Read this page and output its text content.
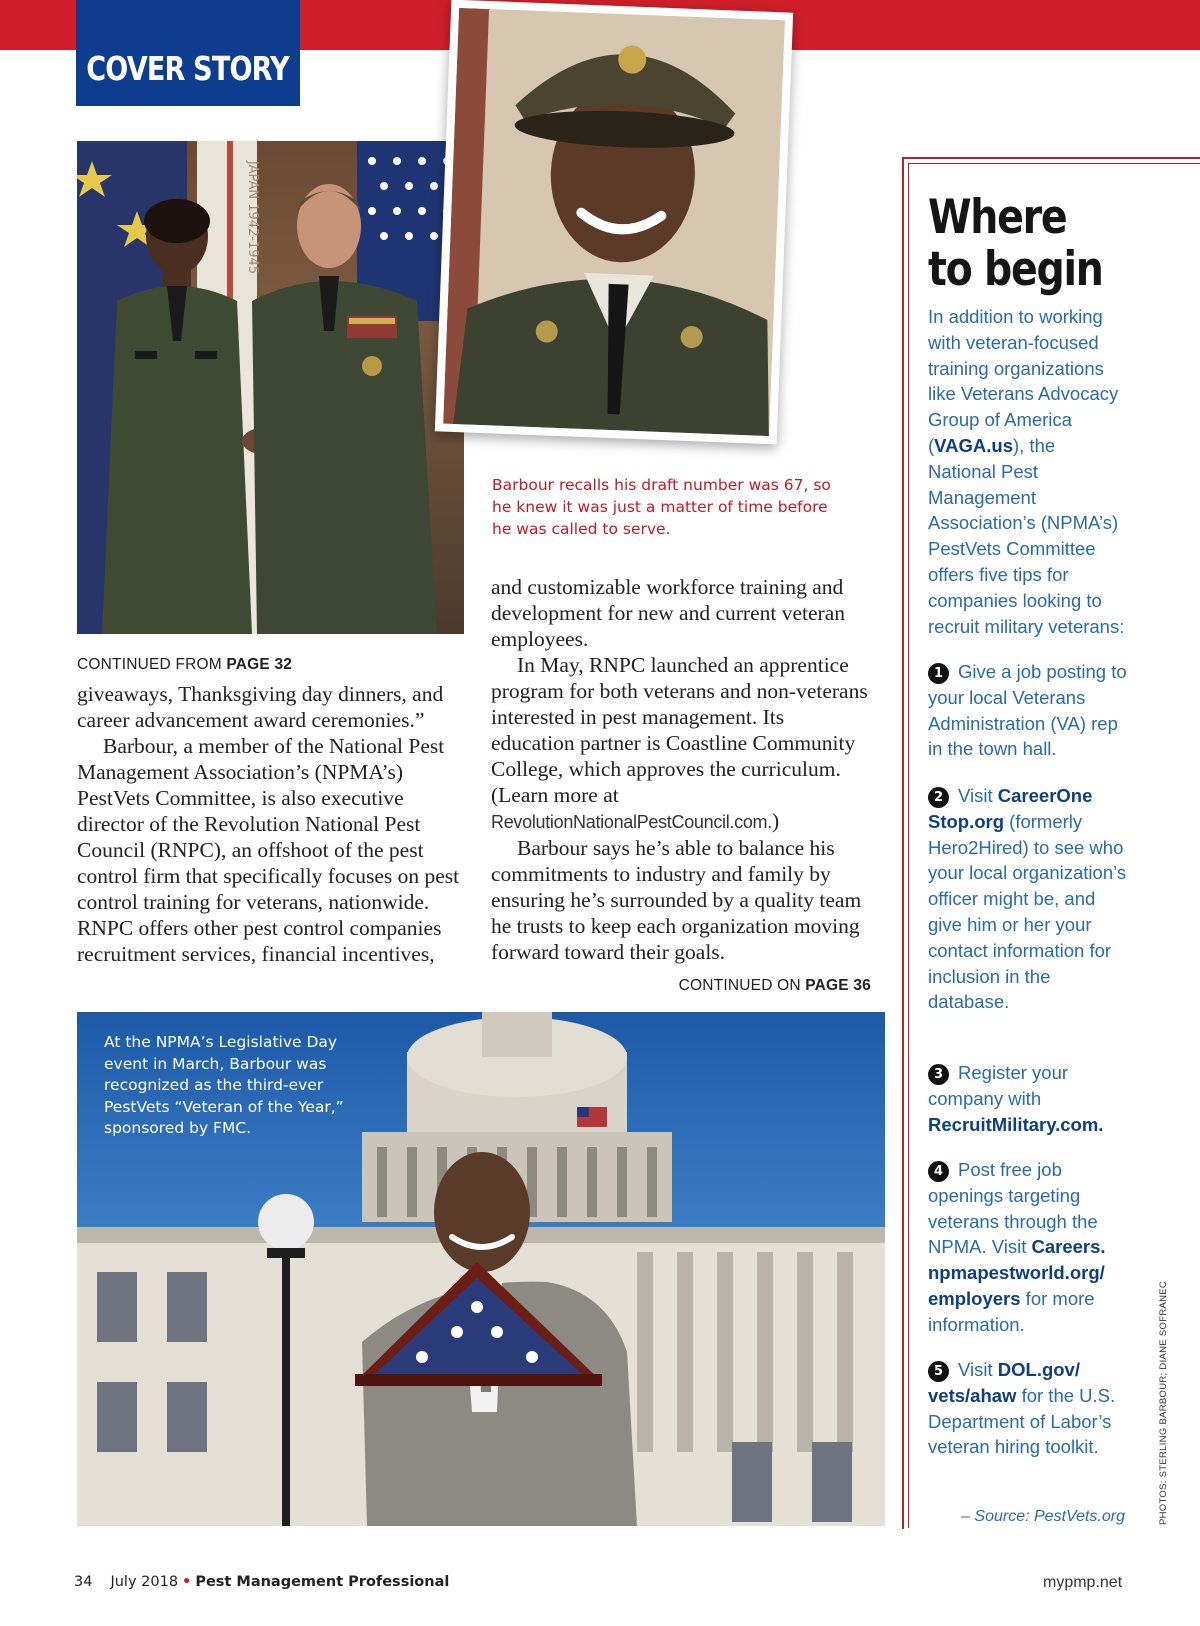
COVER STORY
JAPAN 1942-1945
Barbour recalls his draft number was 67, so he knew it was just a matter of time before he was called to serve.

CONTINUED FROM PAGE 32

giveaways, Thanksgiving day dinners, and career advancement award ceremonies.”

Barbour, a member of the National Pest Management Association’s (NPMA’s) PestVets Committee, is also executive director of the Revolution National Pest Council (RNPC), an offshoot of the pest control firm that specifically focuses on pest control training for veterans, nationwide. RNPC offers other pest control companies recruitment services, financial incentives,

and customizable workforce training and development for new and current veteran employees.

In May, RNPC launched an apprentice program for both veterans and non-veterans interested in pest management. Its education partner is Coastline Community College, which approves the curriculum. (Learn more at RevolutionNationalPestCouncil.com.)

Barbour says he’s able to balance his commitments to industry and family by ensuring he’s surrounded by a quality team he trusts to keep each organization moving forward toward their goals.

CONTINUED ON PAGE 36

At the NPMA’s Legislative Day event in March, Barbour was recognized as the third-ever PestVets “Veteran of the Year,” sponsored by FMC.
Where
to begin
In addition to working with veteran-focused training organizations like Veterans Advocacy Group of America (VAGA.us), the National Pest Management Association’s (NPMA’s) PestVets Committee offers five tips for companies looking to recruit military veterans:
1 Give a job posting to your local Veterans Administration (VA) rep in the town hall.
2 Visit CareerOne Stop.org (formerly Hero2Hired) to see who your local organization’s officer might be, and give him or her your contact information for inclusion in the database.
3 Register your company with RecruitMilitary.com.
4 Post free job openings targeting veterans through the NPMA. Visit Careers. npmapestworld.org/ employers for more information.
5 Visit DOL.gov/ vets/ahaw for the U.S. Department of Labor’s veteran hiring toolkit.
– Source: PestVets.org	PHOTOS: STERLING BARBOUR; DIANE SOFRANEC
34 July 2018 • Pest Management Professional	mypmp.net
